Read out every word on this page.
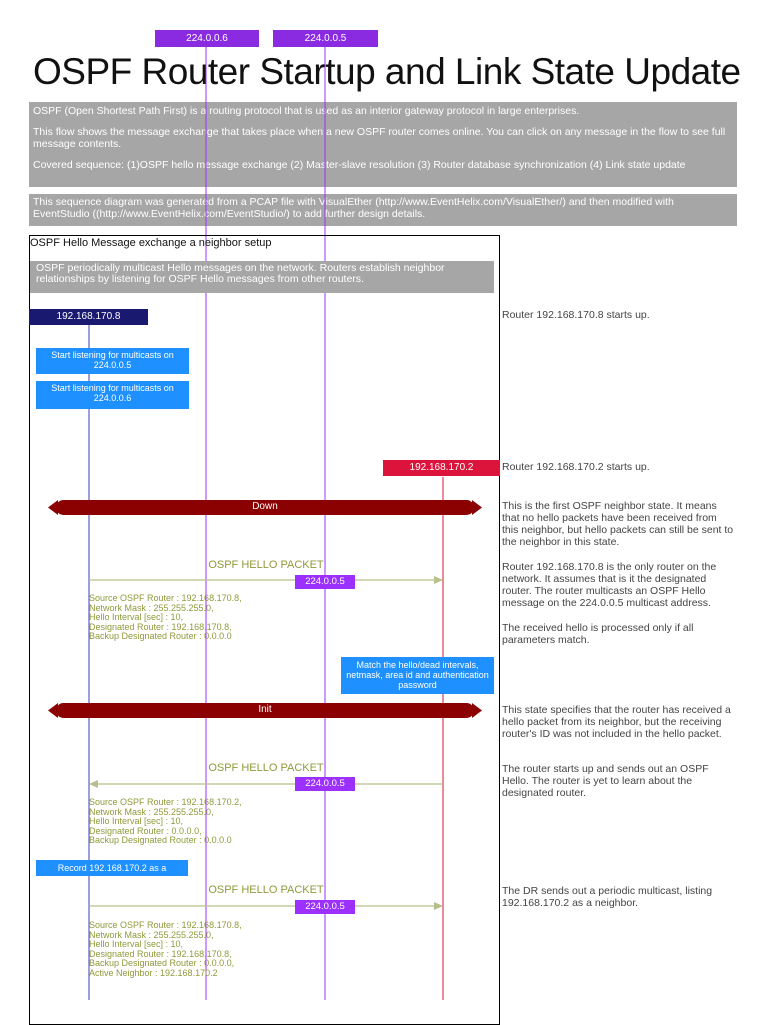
224.0.0.6	224.0.0.5
OSPF Router Startup and Link State Update

OSPF (Open Shortest Path First) is a routing protocol that is used as an interior gateway protocol in large enterprises.

This flow shows the message exchange that takes place when a new OSPF router comes online. You can click on any message in the flow to see full message contents.

Covered sequence: (1)OSPF hello message exchange (2) Master-slave resolution (3) Router database synchronization (4) Link state update

This sequence diagram was generated from a PCAP file with VisualEther (http://www.EventHelix.com/VisualEther/) and then modified with EventStudio ((http://www.EventHelix.com/EventStudio/) to add further design details.
OSPF Hello Message exchange a neighbor setup
OSPF periodically multicast Hello messages on the network. Routers establish neighbor relationships by listening for OSPF Hello messages from other routers.
192.168.170.8
192.168.170.2
Start listening for multicasts on 224.0.0.5
Start listening for multicasts on 224.0.0.6
Down
OSPF HELLO PACKET
224.0.0.5
Source OSPF Router : 192.168.170.8,
Network Mask : 255.255.255.0,
Hello Interval [sec] : 10,
Designated Router : 192.168.170.8,
Backup Designated Router : 0.0.0.0
Match the hello/dead intervals, netmask, area id and authentication password
Init
OSPF HELLO PACKET
224.0.0.5
Source OSPF Router : 192.168.170.2,
Network Mask : 255.255.255.0,
Hello Interval [sec] : 10,
Designated Router : 0.0.0.0,
Backup Designated Router : 0.0.0.0
Record 192.168.170.2 as a neighbor
OSPF HELLO PACKET
224.0.0.5
Source OSPF Router : 192.168.170.8,
Network Mask : 255.255.255.0,
Hello Interval [sec] : 10,
Designated Router : 192.168.170.8,
Backup Designated Router : 0.0.0.0,
Active Neighbor : 192.168.170.2
Router 192.168.170.8 starts up.
Router 192.168.170.2 starts up.
This is the first OSPF neighbor state. It means that no hello packets have been received from this neighbor, but hello packets can still be sent to the neighbor in this state.
Router 192.168.170.8 is the only router on the network. It assumes that is it the designated router. The router multicasts an OSPF Hello message on the 224.0.0.5 multicast address.
The received hello is processed only if all parameters match.
This state specifies that the router has received a hello packet from its neighbor, but the receiving router's ID was not included in the hello packet.
The router starts up and sends out an OSPF Hello. The router is yet to learn about the designated router.
The DR sends out a periodic multicast, listing 192.168.170.2 as a neighbor.
